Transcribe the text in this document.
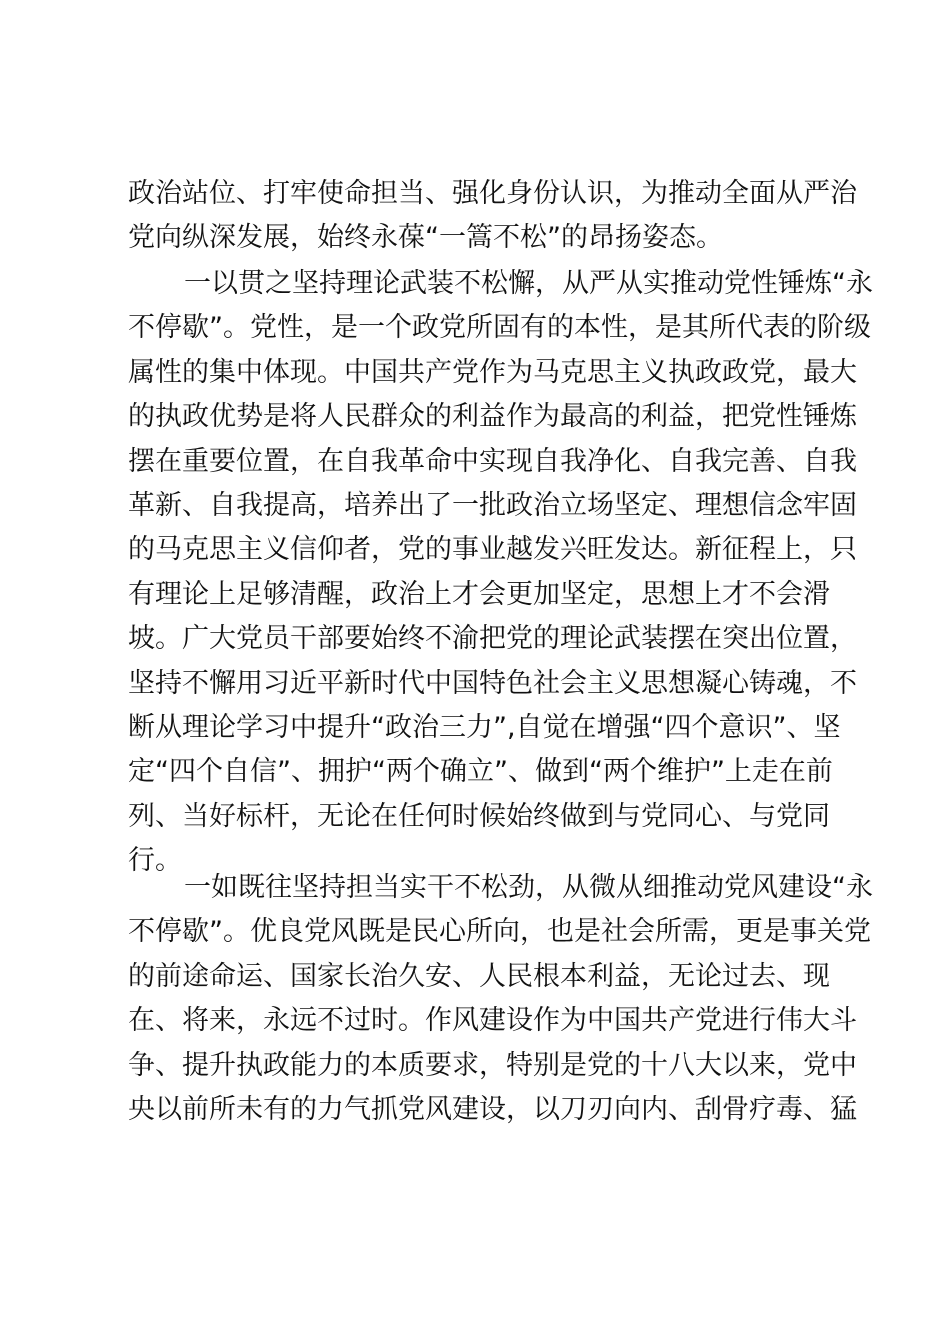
政治站位、打牢使命担当、强化身份认识，为推动全面从严治
党向纵深发展，始终永葆“一篙不松”的昂扬姿态。
一以贯之坚持理论武装不松懈，从严从实推动党性锤炼“永
不停歇”。党性，是一个政党所固有的本性，是其所代表的阶级
属性的集中体现。中国共产党作为马克思主义执政政党，最大
的执政优势是将人民群众的利益作为最高的利益，把党性锤炼
摆在重要位置，在自我革命中实现自我净化、自我完善、自我
革新、自我提高，培养出了一批政治立场坚定、理想信念牢固
的马克思主义信仰者，党的事业越发兴旺发达。新征程上，只
有理论上足够清醒，政治上才会更加坚定，思想上才不会滑
坡。广大党员干部要始终不渝把党的理论武装摆在突出位置，
坚持不懈用习近平新时代中国特色社会主义思想凝心铸魂，不
断从理论学习中提升“政治三力”,自觉在增强“四个意识”、坚
定“四个自信”、拥护“两个确立”、做到“两个维护”上走在前
列、当好标杆，无论在任何时候始终做到与党同心、与党同
行。
一如既往坚持担当实干不松劲，从微从细推动党风建设“永
不停歇”。优良党风既是民心所向，也是社会所需，更是事关党
的前途命运、国家长治久安、人民根本利益，无论过去、现
在、将来，永远不过时。作风建设作为中国共产党进行伟大斗
争、提升执政能力的本质要求，特别是党的十八大以来，党中
央以前所未有的力气抓党风建设，以刀刃向内、刮骨疗毒、猛
